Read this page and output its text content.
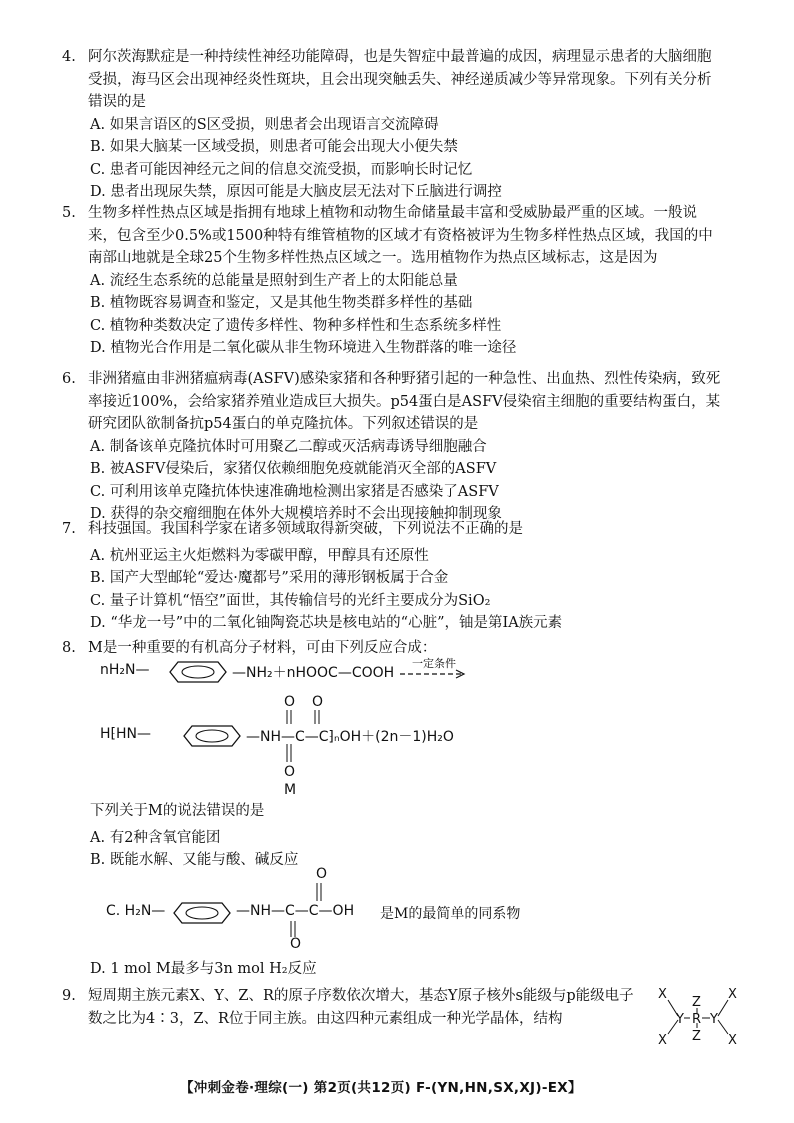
4. 阿尔茨海默症是一种持续性神经功能障碍，也是失智症中最普遍的成因，病理显示患者的大脑细胞受损，海马区会出现神经炎性斑块，且会出现突触丢失、神经递质减少等异常现象。下列有关分析错误的是
A. 如果言语区的S区受损，则患者会出现语言交流障碍
B. 如果大脑某一区域受损，则患者可能会出现大小便失禁
C. 患者可能因神经元之间的信息交流受损，而影响长时记忆
D. 患者出现尿失禁，原因可能是大脑皮层无法对下丘脑进行调控
5. 生物多样性热点区域是指拥有地球上植物和动物生命储量最丰富和受威胁最严重的区域。一般说来，包含至少0.5%或1500种特有维管植物的区域才有资格被评为生物多样性热点区域，我国的中南部山地就是全球25个生物多样性热点区域之一。选用植物作为热点区域标志，这是因为
A. 流经生态系统的总能量是照射到生产者上的太阳能总量
B. 植物既容易调查和鉴定，又是其他生物类群多样性的基础
C. 植物种类数决定了遗传多样性、物种多样性和生态系统多样性
D. 植物光合作用是二氧化碳从非生物环境进入生物群落的唯一途径
6. 非洲猪瘟由非洲猪瘟病毒(ASFV)感染家猪和各种野猪引起的一种急性、出血热、烈性传染病，致死率接近100%，会给家猪养殖业造成巨大损失。p54蛋白是ASFV侵染宿主细胞的重要结构蛋白，某研究团队欲制备抗p54蛋白的单克隆抗体。下列叙述错误的是
A. 制备该单克隆抗体时可用聚乙二醇或灭活病毒诱导细胞融合
B. 被ASFV侵染后，家猪仅依赖细胞免疫就能消灭全部的ASFV
C. 可利用该单克隆抗体快速准确地检测出家猪是否感染了ASFV
D. 获得的杂交瘤细胞在体外大规模培养时不会出现接触抑制现象
7. 科技强国。我国科学家在诸多领域取得新突破，下列说法不正确的是
A. 杭州亚运主火炬燃料为零碳甲醇，甲醇具有还原性
B. 国产大型邮轮“爱达·魔都号”采用的薄形钢板属于合金
C. 量子计算机“悟空”面世，其传输信号的光纤主要成分为SiO₂
D. “华龙一号”中的二氧化铀陶瓷芯块是核电站的“心脏”，铀是第ⅠA族元素
8. M是一种重要的有机高分子材料，可由下列反应合成：
nH₂N—	—NH₂＋nHOOC—COOH
一定条件
H⁅HN—	—NH—C—C⁆ₙOH＋(2n－1)H₂O
O O
O
M
下列关于M的说法错误的是
A. 有2种含氧官能团
B. 既能水解、又能与酸、碱反应
C. H₂N—	—NH—C—C—OH
O
O
是M的最简单的同系物
D. 1 mol M最多与3n mol H₂反应
9. 短周期主族元素X、Y、Z、R的原子序数依次增大，基态Y原子核外s能级与p能级电子数之比为4∶3，Z、R位于同主族。由这四种元素组成一种光学晶体，结构
X
X
Y
Z
R
Z
Y
X
X
【冲刺金卷·理综(一) 第2页(共12页) F-(YN,HN,SX,XJ)-EX】
